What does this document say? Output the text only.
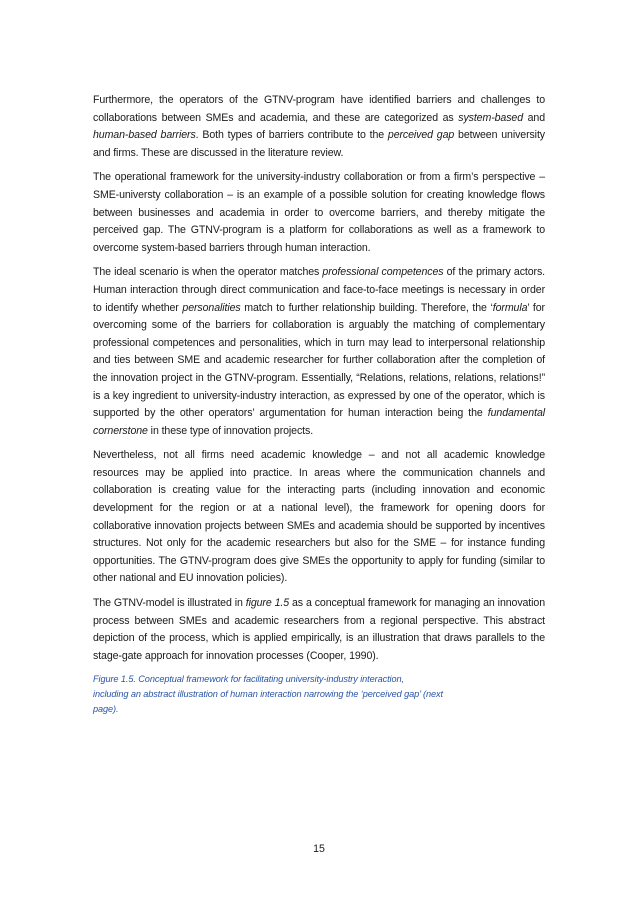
Furthermore, the operators of the GTNV-program have identified barriers and challenges to collaborations between SMEs and academia, and these are categorized as system-based and human-based barriers. Both types of barriers contribute to the perceived gap between university and firms. These are discussed in the literature review.

The operational framework for the university-industry collaboration or from a firm’s perspective – SME-universty collaboration – is an example of a possible solution for creating knowledge flows between businesses and academia in order to overcome barriers, and thereby mitigate the perceived gap. The GTNV-program is a platform for collaborations as well as a framework to overcome system-based barriers through human interaction.

The ideal scenario is when the operator matches professional competences of the primary actors. Human interaction through direct communication and face-to-face meetings is necessary in order to identify whether personalities match to further relationship building. Therefore, the ‘formula’ for overcoming some of the barriers for collaboration is arguably the matching of complementary professional competences and personalities, which in turn may lead to interpersonal relationship and ties between SME and academic researcher for further collaboration after the completion of the innovation project in the GTNV-program. Essentially, “Relations, relations, relations, relations!” is a key ingredient to university-industry interaction, as expressed by one of the operator, which is supported by the other operators’ argumentation for human interaction being the fundamental cornerstone in these type of innovation projects.

Nevertheless, not all firms need academic knowledge – and not all academic knowledge resources may be applied into practice. In areas where the communication channels and collaboration is creating value for the interacting parts (including innovation and economic development for the region or at a national level), the framework for opening doors for collaborative innovation projects between SMEs and academia should be supported by incentives structures. Not only for the academic researchers but also for the SME – for instance funding opportunities. The GTNV-program does give SMEs the opportunity to apply for funding (similar to other national and EU innovation policies).

The GTNV-model is illustrated in figure 1.5 as a conceptual framework for managing an innovation process between SMEs and academic researchers from a regional perspective. This abstract depiction of the process, which is applied empirically, is an illustration that draws parallels to the stage-gate approach for innovation processes (Cooper, 1990).

Figure 1.5. Conceptual framework for facilitating university-industry interaction,
including an abstract illustration of human interaction narrowing the ‘perceived gap’ (next
page).
15
